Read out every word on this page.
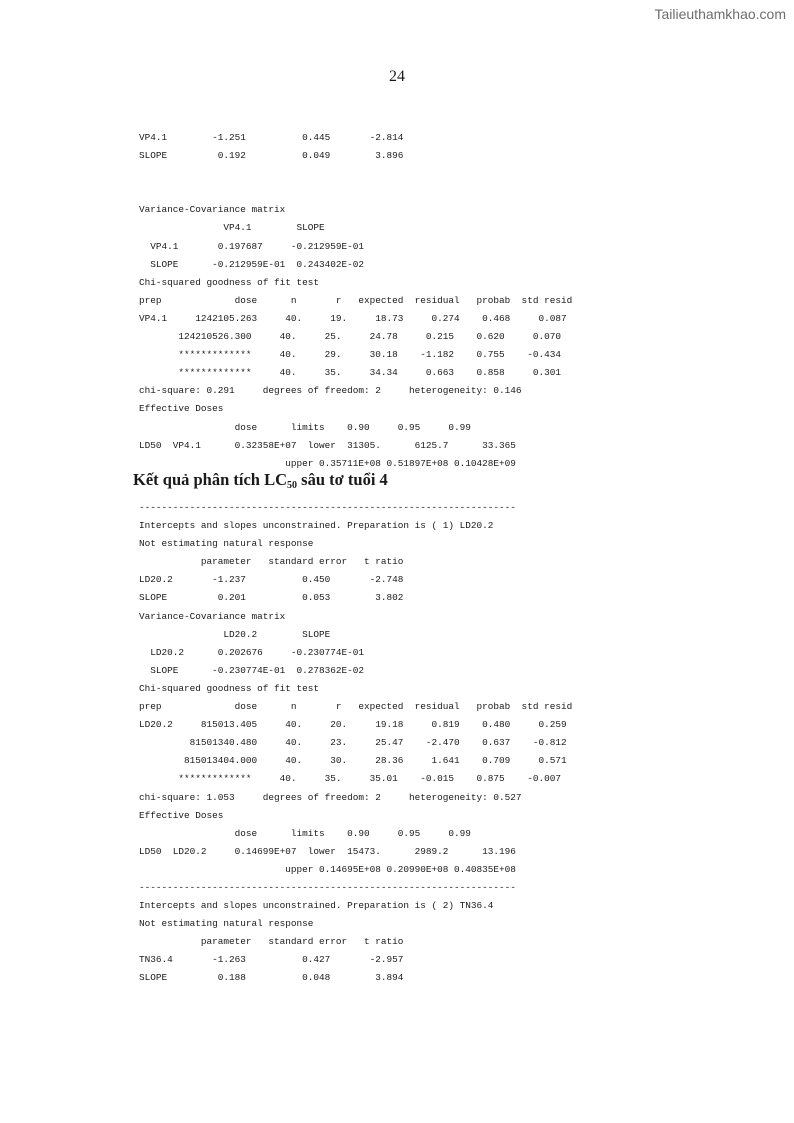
Tailieuthamkhao.com
24
VP4.1        -1.251          0.445       -2.814
SLOPE         0.192          0.049        3.896

Variance-Covariance matrix
VP4.1        SLOPE
VP4.1       0.197687     -0.212959E-01
SLOPE      -0.212959E-01  0.243402E-02
Chi-squared goodness of fit test
prep             dose      n       r   expected  residual   probab  std resid
VP4.1     1242105.263     40.     19.     18.73     0.274    0.468     0.087
124210526.300     40.     25.     24.78     0.215    0.620     0.070
*************     40.     29.     30.18    -1.182    0.755    -0.434
*************     40.     35.     34.34     0.663    0.858     0.301
chi-square: 0.291     degrees of freedom: 2     heterogeneity: 0.146
Effective Doses
dose      limits    0.90     0.95     0.99
LD50  VP4.1      0.32358E+07  lower  31305.      6125.7      33.365
upper 0.35711E+08 0.51897E+08 0.10428E+09

Kết quả phân tích $LC_{50}$ sâu tơ tuổi 4
-------------------------------------------------------------------
Intercepts and slopes unconstrained. Preparation is ( 1) LD20.2
Not estimating natural response
parameter   standard error   t ratio
LD20.2       -1.237          0.450       -2.748
SLOPE         0.201          0.053        3.802
Variance-Covariance matrix
LD20.2        SLOPE
LD20.2      0.202676     -0.230774E-01
SLOPE      -0.230774E-01  0.278362E-02
Chi-squared goodness of fit test
prep             dose      n       r   expected  residual   probab  std resid
LD20.2     815013.405     40.     20.     19.18     0.819    0.480     0.259
81501340.480     40.     23.     25.47    -2.470    0.637    -0.812
815013404.000     40.     30.     28.36     1.641    0.709     0.571
*************     40.     35.     35.01    -0.015    0.875    -0.007
chi-square: 1.053     degrees of freedom: 2     heterogeneity: 0.527
Effective Doses
dose      limits    0.90     0.95     0.99
LD50  LD20.2     0.14699E+07  lower  15473.      2989.2      13.196
upper 0.14695E+08 0.20990E+08 0.40835E+08
-------------------------------------------------------------------
Intercepts and slopes unconstrained. Preparation is ( 2) TN36.4
Not estimating natural response
parameter   standard error   t ratio
TN36.4       -1.263          0.427       -2.957
SLOPE         0.188          0.048        3.894
